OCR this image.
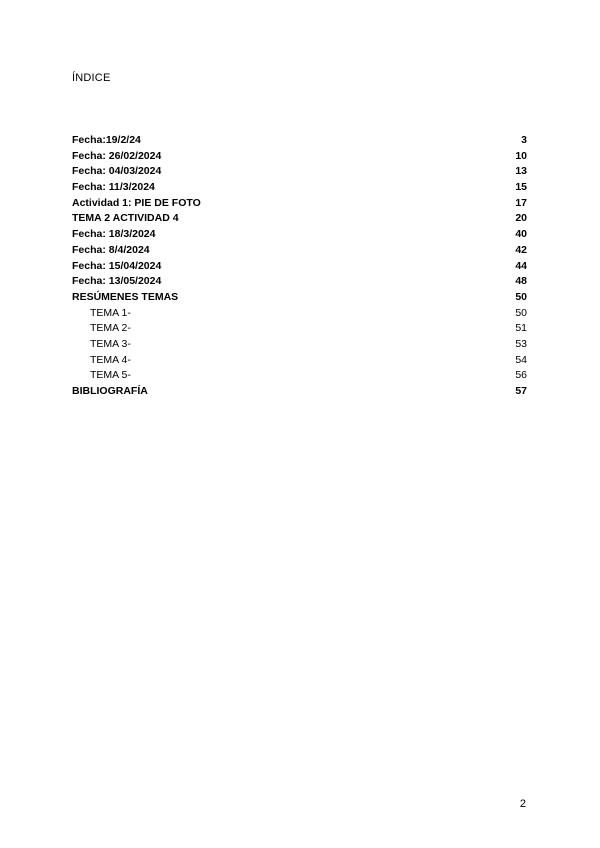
ÍNDICE
Fecha:19/2/24	3
Fecha: 26/02/2024	10
Fecha: 04/03/2024	13
Fecha: 11/3/2024	15
Actividad 1: PIE DE FOTO	17
TEMA 2 ACTIVIDAD 4	20
Fecha: 18/3/2024	40
Fecha: 8/4/2024	42
Fecha: 15/04/2024	44
Fecha: 13/05/2024	48
RESÚMENES TEMAS	50
TEMA 1-	50
TEMA 2-	51
TEMA 3-	53
TEMA 4-	54
TEMA 5-	56
BIBLIOGRAFÍA	57
2
